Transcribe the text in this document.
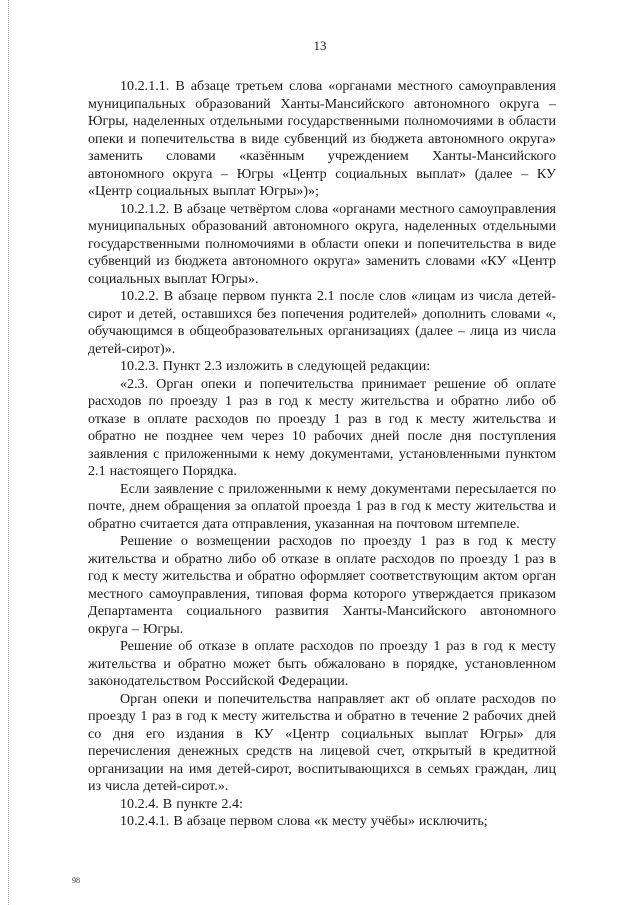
13

10.2.1.1. В абзаце третьем слова «органами местного самоуправления муниципальных образований Ханты-Мансийского автономного округа – Югры, наделенных отдельными государственными полномочиями в области опеки и попечительства в виде субвенций из бюджета автономного округа» заменить словами «казённым учреждением Ханты-Мансийского автономного округа – Югры «Центр социальных выплат» (далее – КУ «Центр социальных выплат Югры»)»;

10.2.1.2. В абзаце четвёртом слова «органами местного самоуправления муниципальных образований автономного округа, наделенных отдельными государственными полномочиями в области опеки и попечительства в виде субвенций из бюджета автономного округа» заменить словами «КУ «Центр социальных выплат Югры».

10.2.2. В абзаце первом пункта 2.1 после слов «лицам из числа детей-сирот и детей, оставшихся без попечения родителей» дополнить словами «, обучающимся в общеобразовательных организациях (далее – лица из числа детей-сирот)».

10.2.3. Пункт 2.3 изложить в следующей редакции:

«2.3. Орган опеки и попечительства принимает решение об оплате расходов по проезду 1 раз в год к месту жительства и обратно либо об отказе в оплате расходов по проезду 1 раз в год к месту жительства и обратно не позднее чем через 10 рабочих дней после дня поступления заявления с приложенными к нему документами, установленными пунктом 2.1 настоящего Порядка.

Если заявление с приложенными к нему документами пересылается по почте, днем обращения за оплатой проезда 1 раз в год к месту жительства и обратно считается дата отправления, указанная на почтовом штемпеле.

Решение о возмещении расходов по проезду 1 раз в год к месту жительства и обратно либо об отказе в оплате расходов по проезду 1 раз в год к месту жительства и обратно оформляет соответствующим актом орган местного самоуправления, типовая форма которого утверждается приказом Департамента социального развития Ханты-Мансийского автономного округа – Югры.

Решение об отказе в оплате расходов по проезду 1 раз в год к месту жительства и обратно может быть обжаловано в порядке, установленном законодательством Российской Федерации.

Орган опеки и попечительства направляет акт об оплате расходов по проезду 1 раз в год к месту жительства и обратно в течение 2 рабочих дней со дня его издания в КУ «Центр социальных выплат Югры» для перечисления денежных средств на лицевой счет, открытый в кредитной организации на имя детей-сирот, воспитывающихся в семьях граждан, лиц из числа детей-сирот.».

10.2.4. В пункте 2.4:

10.2.4.1. В абзаце первом слова «к месту учёбы» исключить;

98
